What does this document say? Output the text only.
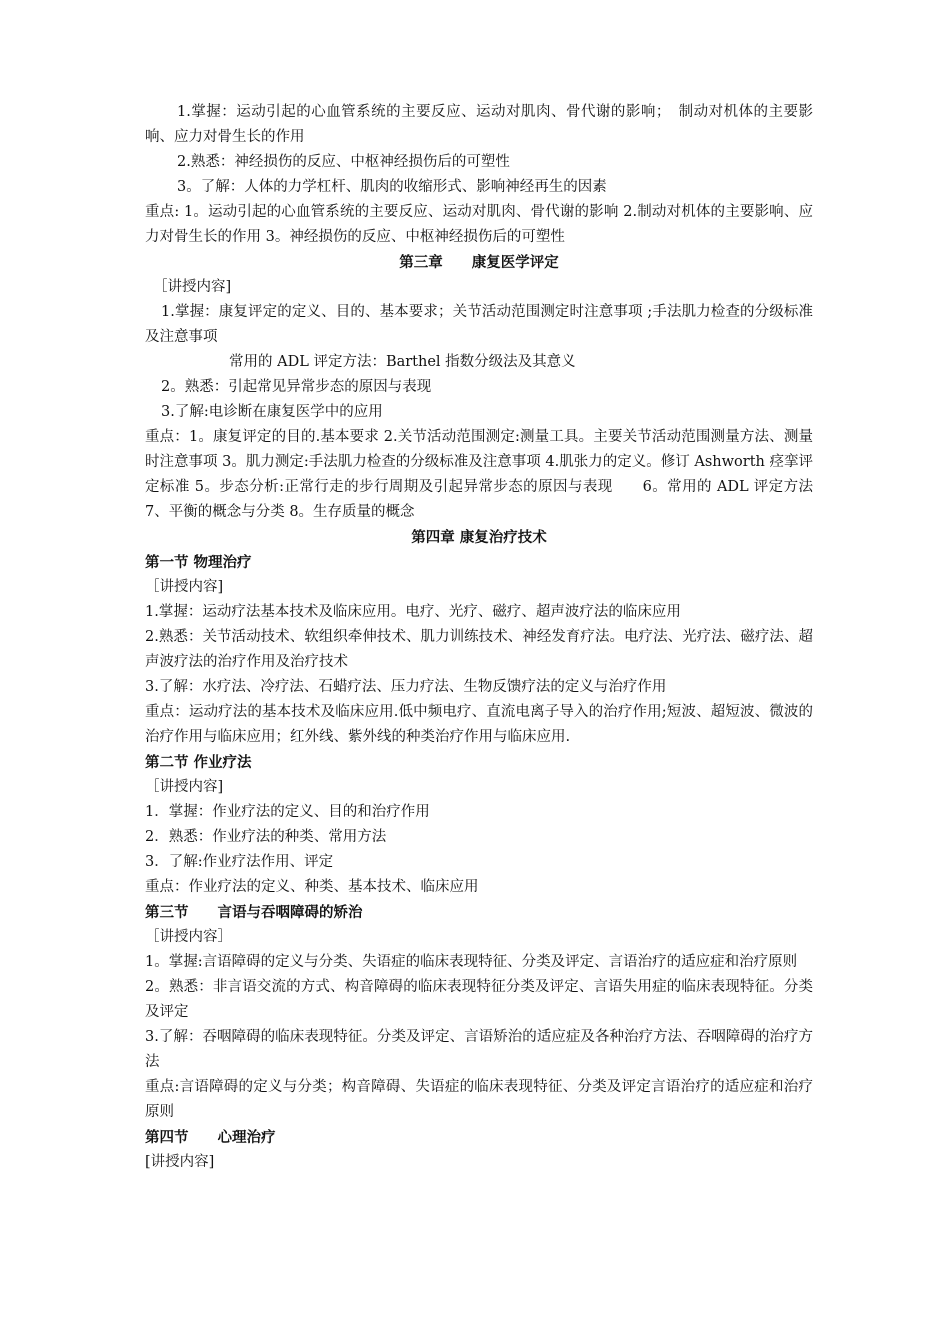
1.掌握：运动引起的心血管系统的主要反应、运动对肌肉、骨代谢的影响；　制动对机体的主要影响、应力对骨生长的作用

2.熟悉：神经损伤的反应、中枢神经损伤后的可塑性

3。了解：人体的力学杠杆、肌肉的收缩形式、影响神经再生的因素

重点: 1。运动引起的心血管系统的主要反应、运动对肌肉、骨代谢的影响 2.制动对机体的主要影响、应力对骨生长的作用 3。神经损伤的反应、中枢神经损伤后的可塑性

第三章　　康复医学评定

［讲授内容]

1.掌握：康复评定的定义、目的、基本要求；关节活动范围测定时注意事项 ;手法肌力检查的分级标准及注意事项

常用的 ADL 评定方法：Barthel 指数分级法及其意义

2。熟悉：引起常见异常步态的原因与表现

3.了解:电诊断在康复医学中的应用

重点：1。康复评定的目的.基本要求 2.关节活动范围测定:测量工具。主要关节活动范围测量方法、测量时注意事项 3。肌力测定:手法肌力检查的分级标准及注意事项 4.肌张力的定义。修订 Ashworth 痉挛评定标准 5。步态分析:正常行走的步行周期及引起异常步态的原因与表现　　6。常用的 ADL 评定方法 7、平衡的概念与分类 8。生存质量的概念

第四章 康复治疗技术

第一节 物理治疗

［讲授内容]

1.掌握：运动疗法基本技术及临床应用。电疗、光疗、磁疗、超声波疗法的临床应用

2.熟悉：关节活动技术、软组织牵伸技术、肌力训练技术、神经发育疗法。电疗法、光疗法、磁疗法、超声波疗法的治疗作用及治疗技术

3.了解：水疗法、冷疗法、石蜡疗法、压力疗法、生物反馈疗法的定义与治疗作用

重点：运动疗法的基本技术及临床应用.低中频电疗、直流电离子导入的治疗作用;短波、超短波、微波的治疗作用与临床应用；红外线、紫外线的种类治疗作用与临床应用.

第二节 作业疗法

［讲授内容]

1．掌握：作业疗法的定义、目的和治疗作用

2．熟悉：作业疗法的种类、常用方法

3．了解:作业疗法作用、评定

重点：作业疗法的定义、种类、基本技术、临床应用

第三节　　言语与吞咽障碍的矫治

［讲授内容］

1。掌握:言语障碍的定义与分类、失语症的临床表现特征、分类及评定、言语治疗的适应症和治疗原则

2。熟悉：非言语交流的方式、构音障碍的临床表现特征分类及评定、言语失用症的临床表现特征。分类及评定

3.了解：吞咽障碍的临床表现特征。分类及评定、言语矫治的适应症及各种治疗方法、吞咽障碍的治疗方法

重点:言语障碍的定义与分类；构音障碍、失语症的临床表现特征、分类及评定言语治疗的适应症和治疗原则

第四节　　心理治疗

[讲授内容]
